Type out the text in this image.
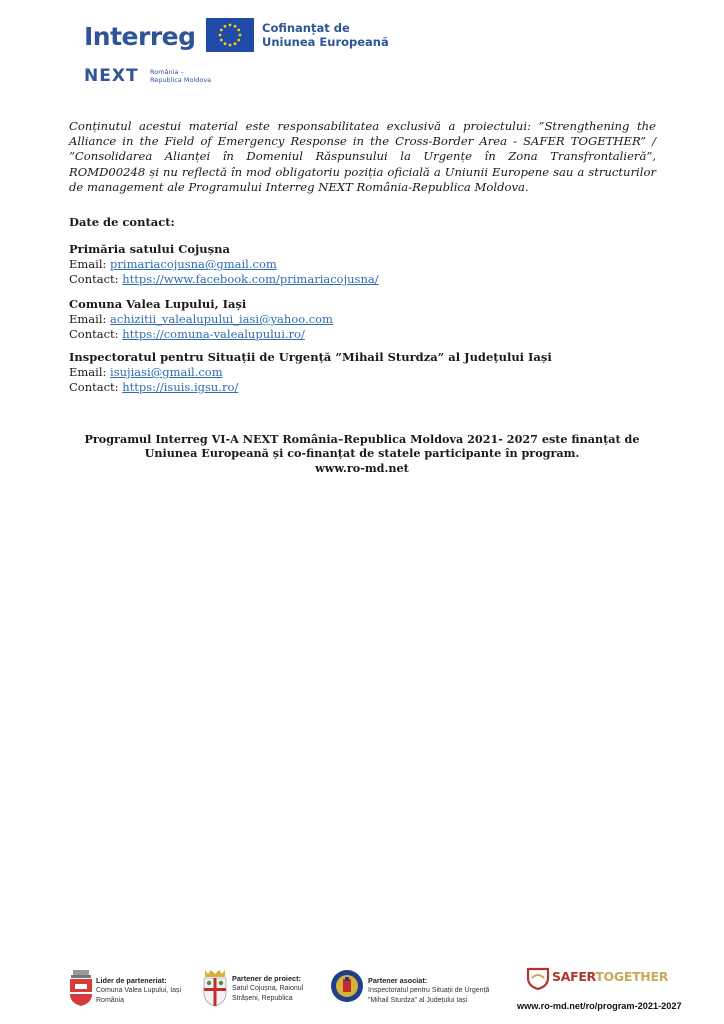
Interreg	Cofinanțat de
Uniunea Europeană
NEXT România –
Republica Moldova

Conținutul acestui material este responsabilitatea exclusivă a proiectului: ”Strengthening the Alliance in the Field of Emergency Response in the Cross-Border Area - SAFER TOGETHER” / ”Consolidarea Alianței în Domeniul Răspunsului la Urgențe în Zona Transfrontalieră”, ROMD00248 și nu reflectă în mod obligatoriu poziția oficială a Uniunii Europene sau a structurilor de management ale Programului Interreg NEXT România-Republica Moldova.

Date de contact:
Primăria satului Cojușna
Email: primariacojusna@gmail.com
Contact: https://www.facebook.com/primariacojusna/
Comuna Valea Lupului, Iași
Email: achizitii_valealupului_iasi@yahoo.com
Contact: https://comuna-valealupului.ro/
Inspectoratul pentru Situații de Urgență ”Mihail Sturdza” al Județului Iași
Email: isujiasi@gmail.com
Contact: https://isuis.igsu.ro/
Programul Interreg VI-A NEXT România–Republica Moldova 2021- 2027 este finanțat de
Uniunea Europeană și co-finanțat de statele participante în program.
www.ro-md.net
Lider de parteneriat:
Comuna Valea Lupului, Iași
România
Partener de proiect:
Satul Cojușna, Raionul
Strășeni, Republica
Partener asociat:
Inspectoratul pentru Situații de Urgență
”Mihail Sturdza” al Județului Iași
SAFERTOGETHER
www.ro-md.net/ro/program-2021-2027
